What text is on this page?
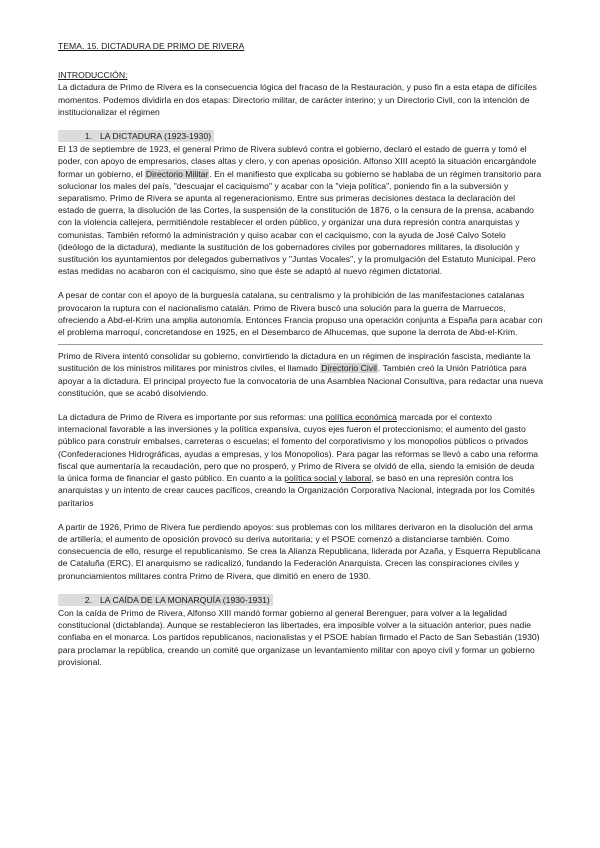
TEMA. 15. DICTADURA DE PRIMO DE RIVERA
INTRODUCCIÓN:

La dictadura de Primo de Rivera es la consecuencia lógica del fracaso de la Restauración, y puso fin a esta etapa de difíciles momentos. Podemos dividirla en dos etapas: Directorio militar, de carácter interino; y un Directorio Civil, con la intención de institucionalizar el régimen

1. LA DICTADURA (1923-1930)

El 13 de septiembre de 1923, el general Primo de Rivera sublevó contra el gobierno, declaró el estado de guerra y tomó el poder, con apoyo de empresarios, clases altas y clero, y con apenas oposición. Alfonso XIII aceptó la situación encargándole formar un gobierno, el Directorio Militar. En el manifiesto que explicaba su gobierno se hablaba de un régimen transitorio para solucionar los males del país, "descuajar el caciquismo" y acabar con la "vieja política", poniendo fin a la subversión y separatismo. Primo de Rivera se apunta al regeneracionismo. Entre sus primeras decisiones destaca la declaración del estado de guerra, la disolución de las Cortes, la suspensión de la constitución de 1876, o la censura de la prensa, acabando con la violencia callejera, permitiéndole restablecer el orden público, y organizar una dura represión contra anarquistas y comunistas. También reformó la administración y quiso acabar con el caciquismo, con la ayuda de José Calvo Sotelo (ideólogo de la dictadura), mediante la sustitución de los gobernadores civiles por gobernadores militares, la disolución y sustitución los ayuntamientos por delegados gubernativos y "Juntas Vocales", y la promulgación del Estatuto Municipal. Pero estas medidas no acabaron con el caciquismo, sino que éste se adaptó al nuevo régimen dictatorial.

A pesar de contar con el apoyo de la burguesía catalana, su centralismo y la prohibición de las manifestaciones catalanas provocaron la ruptura con el nacionalismo catalán. Primo de Rivera buscó una solución para la guerra de Marruecos, ofreciendo a Abd-el-Krim una amplia autonomía. Entonces Francia propuso una operación conjunta a España para acabar con el problema marroquí, concretandose en 1925, en el Desembarco de Alhucemas, que supone la derrota de Abd-el-Krim.

Primo de Rivera intentó consolidar su gobierno, convirtiendo la dictadura en un régimen de inspiración fascista, mediante la sustitución de los ministros militares por ministros civiles, el llamado Directorio Civil. También creó la Unión Patriótica para apoyar a la dictadura. El principal proyecto fue la convocatoria de una Asamblea Nacional Consultiva, para redactar una nueva constitución, que se acabó disolviendo.

La dictadura de Primo de Rivera es importante por sus reformas: una política económica marcada por el contexto internacional favorable a las inversiones y la política expansiva, cuyos ejes fueron el proteccionismo; el aumento del gasto público para construir embalses, carreteras o escuelas; el fomento del corporativismo y los monopolios públicos o privados (Confederaciones Hidrográficas, ayudas a empresas, y los Monopolios). Para pagar las reformas se llevó a cabo una reforma fiscal que aumentaría la recaudación, pero que no prosperó, y Primo de Rivera se olvidó de ella, siendo la emisión de deuda la única forma de financiar el gasto público. En cuanto a la política social y laboral, se basó en una represión contra los anarquistas y un intento de crear cauces pacíficos, creando la Organización Corporativa Nacional, integrada por los Comités paritarios

A partir de 1926, Primo de Rivera fue perdiendo apoyos: sus problemas con los militares derivaron en la disolución del arma de artillería; el aumento de oposición provocó su deriva autoritaria; y el PSOE comenzó a distanciarse también. Como consecuencia de ello, resurge el republicanismo. Se crea la Alianza Republicana, liderada por Azaña, y Esquerra Republicana de Cataluña (ERC). El anarquismo se radicalizó, fundando la Federación Anarquista. Crecen las conspiraciones civiles y pronunciamientos militares contra Primo de Rivera, que dimitió en enero de 1930.

2. LA CAÍDA DE LA MONARQUÍA (1930-1931)

Con la caída de Primo de Rivera, Alfonso XIII mandó formar gobierno al general Berenguer, para volver a la legalidad constitucional (dictablanda). Aunque se restablecieron las libertades, era imposible volver a la situación anterior, pues nadie confiaba en el monarca. Los partidos republicanos, nacionalistas y el PSOE habían firmado el Pacto de San Sebastián (1930) para proclamar la república, creando un comité que organizase un levantamiento militar con apoyo civil y formar un gobierno provisional.
